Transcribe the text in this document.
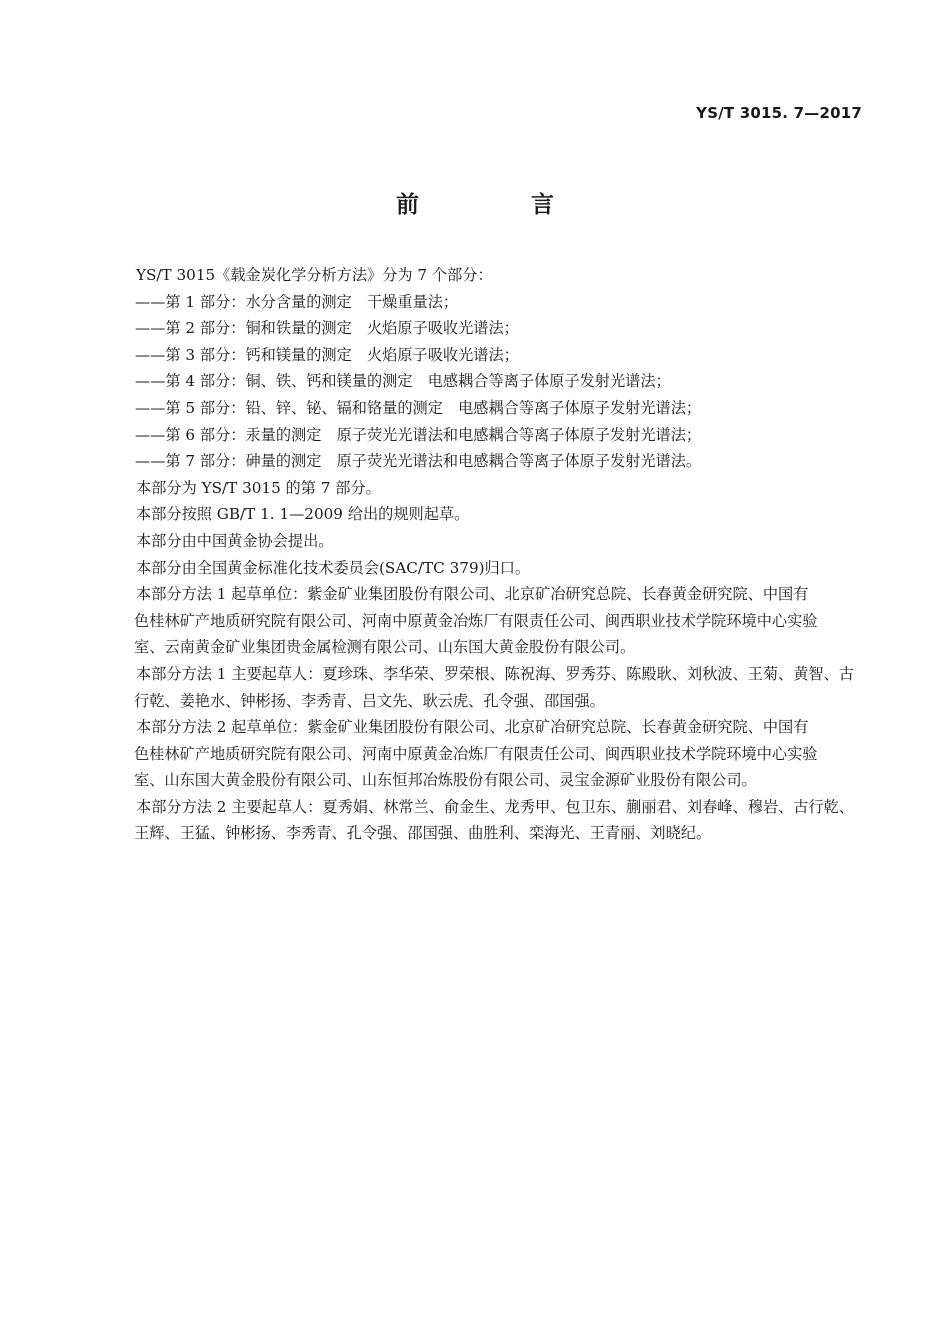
YS/T 3015. 7—2017
前 言

YS/T 3015《载金炭化学分析方法》分为 7 个部分：

——第 1 部分：水分含量的测定　干燥重量法；

——第 2 部分：铜和铁量的测定　火焰原子吸收光谱法；

——第 3 部分：钙和镁量的测定　火焰原子吸收光谱法；

——第 4 部分：铜、铁、钙和镁量的测定　电感耦合等离子体原子发射光谱法；

——第 5 部分：铅、锌、铋、镉和铬量的测定　电感耦合等离子体原子发射光谱法；

——第 6 部分：汞量的测定　原子荧光光谱法和电感耦合等离子体原子发射光谱法；

——第 7 部分：砷量的测定　原子荧光光谱法和电感耦合等离子体原子发射光谱法。

本部分为 YS/T 3015 的第 7 部分。

本部分按照 GB/T 1. 1—2009 给出的规则起草。

本部分由中国黄金协会提出。

本部分由全国黄金标准化技术委员会(SAC/TC 379)归口。

本部分方法 1 起草单位：紫金矿业集团股份有限公司、北京矿冶研究总院、长春黄金研究院、中国有

色桂林矿产地质研究院有限公司、河南中原黄金冶炼厂有限责任公司、闽西职业技术学院环境中心实验

室、云南黄金矿业集团贵金属检测有限公司、山东国大黄金股份有限公司。

本部分方法 1 主要起草人：夏珍珠、李华荣、罗荣根、陈祝海、罗秀芬、陈殿耿、刘秋波、王菊、黄智、古

行乾、姜艳水、钟彬扬、李秀青、吕文先、耿云虎、孔令强、邵国强。

本部分方法 2 起草单位：紫金矿业集团股份有限公司、北京矿冶研究总院、长春黄金研究院、中国有

色桂林矿产地质研究院有限公司、河南中原黄金冶炼厂有限责任公司、闽西职业技术学院环境中心实验

室、山东国大黄金股份有限公司、山东恒邦冶炼股份有限公司、灵宝金源矿业股份有限公司。

本部分方法 2 主要起草人：夏秀娟、林常兰、俞金生、龙秀甲、包卫东、蒯丽君、刘春峰、穆岩、古行乾、

王辉、王猛、钟彬扬、李秀青、孔令强、邵国强、曲胜利、栾海光、王青丽、刘晓纪。
